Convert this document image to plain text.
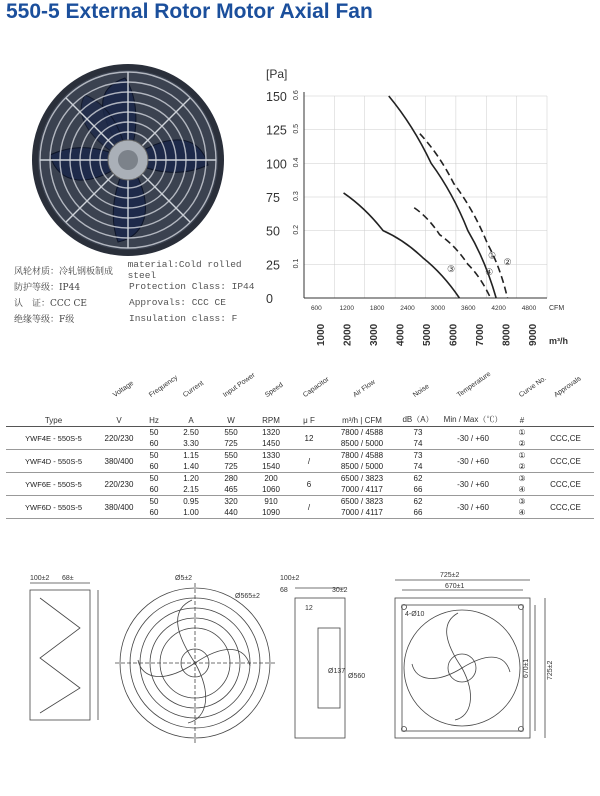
550-5 External Rotor Motor Axial Fan
风轮材质：冷轧钢板制成
material:Cold rolled steel
防护等级：IP44	Protection Class: IP44
认　证：CCC CE	Approvals: CCC CE
绝缘等级：F级	Insulation class: F
[Pa]
150
125
100
75
50
25
0
0.6
0.5
0.4
0.3
0.2
0.1
600	1200 1800 2400 3000 3600 4200 4800 CFM
1000 2000 3000 4000 5000 6000 7000 8000 9000 m³/h
①
②
③	④
	Voltage	Frequency	Current	Input Power	Speed	Capacitor	Air Flow	Noise	Temperature	Curve No.	Approvals
Type	V	Hz	A	W	RPM	μ F	m³/h | CFM	dB（A）	Min / Max（℃）	#	
YWF4E - 550S-5	220/230	50	2.50	550	1320	12	7800 / 4588	73	-30 / +60	①	CCC,CE
		60	3.30	725	1450		8500 / 5000	74		②	
YWF4D - 550S-5	380/400	50	1.15	550	1330	/	7800 / 4588	73	-30 / +60	①	CCC,CE
		60	1.40	725	1540		8500 / 5000	74		②	
YWF6E - 550S-5	220/230	50	1.20	280	200	6	6500 / 3823	62	-30 / +60	③	CCC,CE
		60	2.15	465	1060		7000 / 4117	66		④	
YWF6D - 550S-5	380/400	50	0.95	320	910	/	6500 / 3823	62	-30 / +60	③	CCC,CE
		60	1.00	440	1090		7000 / 4117	66		④	
100±2 68±	Ø5±2
Ø565±2
100±2
68	30±2
12
Ø137
Ø560
725±2
670±1
4-Ø10
670±1 725±2
